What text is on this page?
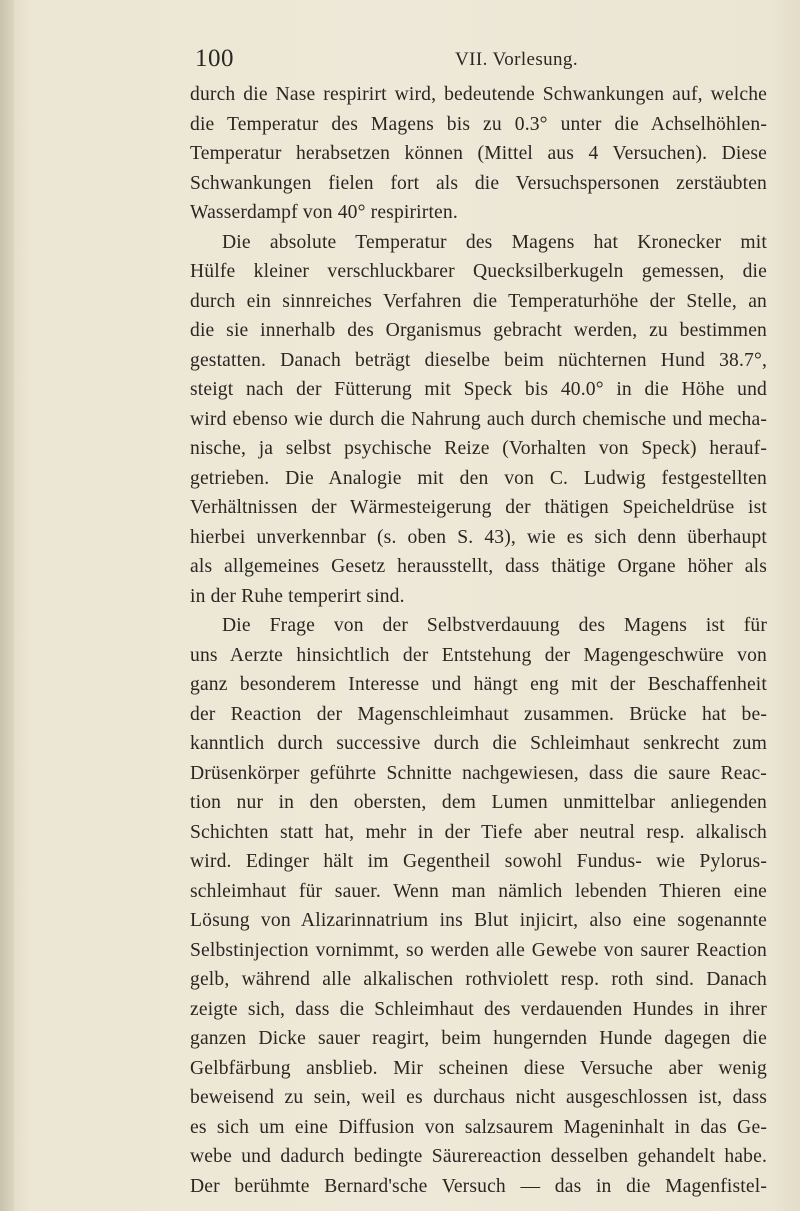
100	VII. Vorlesung.
durch die Nase respirirt wird, bedeutende Schwankungen auf, welche
die Temperatur des Magens bis zu 0.3° unter die Achselhöhlen-
Temperatur herabsetzen können (Mittel aus 4 Versuchen). Diese
Schwankungen fielen fort als die Versuchspersonen zerstäubten
Wasserdampf von 40° respirirten.
Die absolute Temperatur des Magens hat Kronecker mit
Hülfe kleiner verschluckbarer Quecksilberkugeln gemessen, die
durch ein sinnreiches Verfahren die Temperaturhöhe der Stelle, an
die sie innerhalb des Organismus gebracht werden, zu bestimmen
gestatten. Danach beträgt dieselbe beim nüchternen Hund 38.7°,
steigt nach der Fütterung mit Speck bis 40.0° in die Höhe und
wird ebenso wie durch die Nahrung auch durch chemische und mecha-
nische, ja selbst psychische Reize (Vorhalten von Speck) herauf-
getrieben. Die Analogie mit den von C. Ludwig festgestellten
Verhältnissen der Wärmesteigerung der thätigen Speicheldrüse ist
hierbei unverkennbar (s. oben S. 43), wie es sich denn überhaupt
als allgemeines Gesetz herausstellt, dass thätige Organe höher als
in der Ruhe temperirt sind.
Die Frage von der Selbstverdauung des Magens ist für
uns Aerzte hinsichtlich der Entstehung der Magengeschwüre von
ganz besonderem Interesse und hängt eng mit der Beschaffenheit
der Reaction der Magenschleimhaut zusammen. Brücke hat be-
kanntlich durch successive durch die Schleimhaut senkrecht zum
Drüsenkörper geführte Schnitte nachgewiesen, dass die saure Reac-
tion nur in den obersten, dem Lumen unmittelbar anliegenden
Schichten statt hat, mehr in der Tiefe aber neutral resp. alkalisch
wird. Edinger hält im Gegentheil sowohl Fundus- wie Pylorus-
schleimhaut für sauer. Wenn man nämlich lebenden Thieren eine
Lösung von Alizarinnatrium ins Blut injicirt, also eine sogenannte
Selbstinjection vornimmt, so werden alle Gewebe von saurer Reaction
gelb, während alle alkalischen rothviolett resp. roth sind. Danach
zeigte sich, dass die Schleimhaut des verdauenden Hundes in ihrer
ganzen Dicke sauer reagirt, beim hungernden Hunde dagegen die
Gelbfärbung ansblieb. Mir scheinen diese Versuche aber wenig
beweisend zu sein, weil es durchaus nicht ausgeschlossen ist, dass
es sich um eine Diffusion von salzsaurem Mageninhalt in das Ge-
webe und dadurch bedingte Säurereaction desselben gehandelt habe.
Der berühmte Bernard'sche Versuch — das in die Magenfistel-
